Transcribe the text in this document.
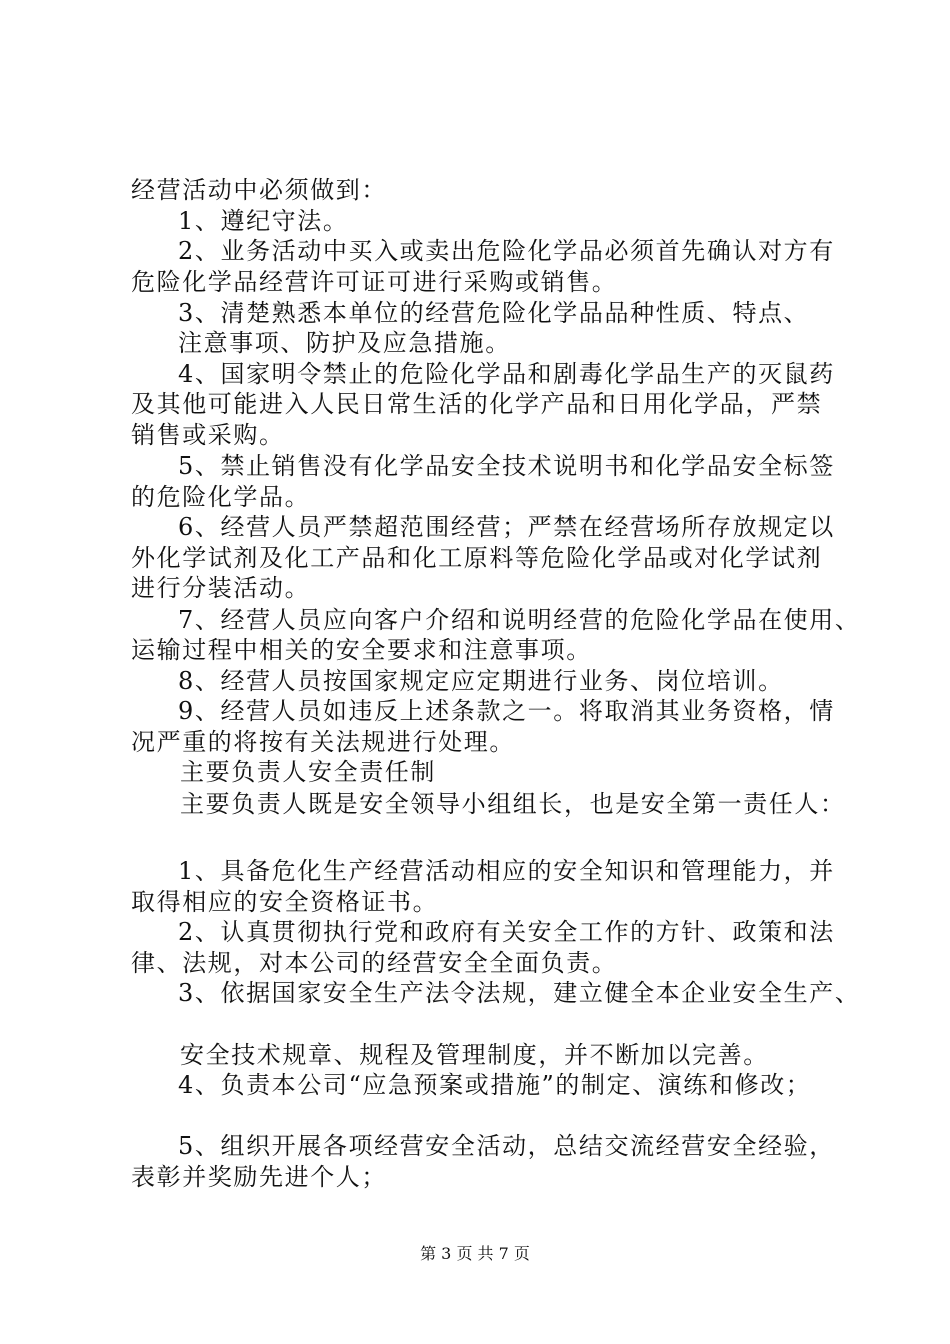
经营活动中必须做到：
1、遵纪守法。
2、业务活动中买入或卖出危险化学品必须首先确认对方有
危险化学品经营许可证可进行采购或销售。
3、清楚熟悉本单位的经营危险化学品品种性质、特点、
注意事项、防护及应急措施。
4、国家明令禁止的危险化学品和剧毒化学品生产的灭鼠药
及其他可能进入人民日常生活的化学产品和日用化学品，严禁
销售或采购。
5、禁止销售没有化学品安全技术说明书和化学品安全标签
的危险化学品。
6、经营人员严禁超范围经营；严禁在经营场所存放规定以
外化学试剂及化工产品和化工原料等危险化学品或对化学试剂
进行分装活动。
7、经营人员应向客户介绍和说明经营的危险化学品在使用、
运输过程中相关的安全要求和注意事项。
8、经营人员按国家规定应定期进行业务、岗位培训。
9、经营人员如违反上述条款之一。将取消其业务资格，情
况严重的将按有关法规进行处理。
主要负责人安全责任制
主要负责人既是安全领导小组组长，也是安全第一责任人：
1、具备危化生产经营活动相应的安全知识和管理能力，并
取得相应的安全资格证书。
2、认真贯彻执行党和政府有关安全工作的方针、政策和法
律、法规，对本公司的经营安全全面负责。
3、依据国家安全生产法令法规，建立健全本企业安全生产、
安全技术规章、规程及管理制度，并不断加以完善。
4、负责本公司“应急预案或措施”的制定、演练和修改；
5、组织开展各项经营安全活动，总结交流经营安全经验，
表彰并奖励先进个人；
第 3 页 共 7 页
